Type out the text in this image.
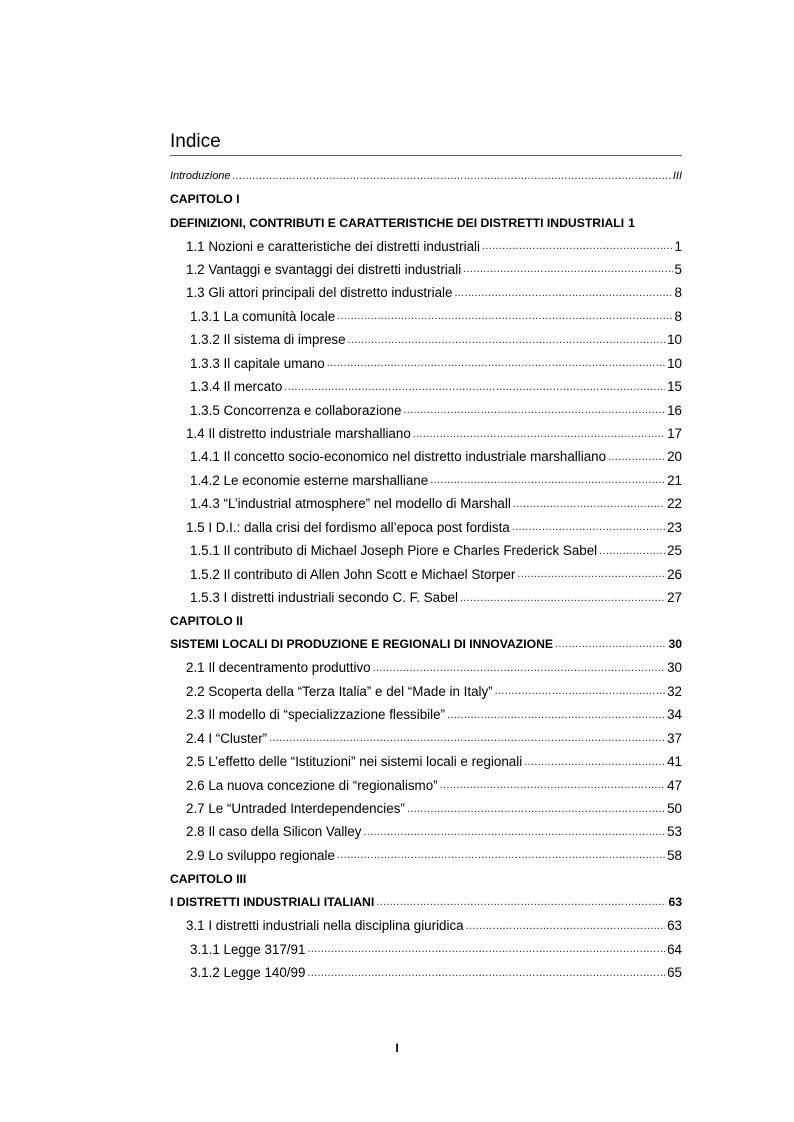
Indice
Introduzione .....	III
CAPITOLO I
DEFINIZIONI, CONTRIBUTI E CARATTERISTICHE DEI DISTRETTI INDUSTRIALI 1
1.1 Nozioni e caratteristiche dei distretti industriali .....	1
1.2 Vantaggi e svantaggi dei distretti industriali .....	5
1.3 Gli attori principali del distretto industriale .....	8
1.3.1 La comunità locale .....	8
1.3.2 Il sistema di imprese .....	10
1.3.3 Il capitale umano .....	10
1.3.4 Il mercato .....	15
1.3.5 Concorrenza e collaborazione .....	16
1.4 Il distretto industriale marshalliano .....	17
1.4.1 Il concetto socio-economico nel distretto industriale marshalliano .....	20
1.4.2 Le economie esterne marshalliane .....	21
1.4.3 “L’industrial atmosphere” nel modello di Marshall .....	22
1.5 I D.I.: dalla crisi del fordismo all’epoca post fordista .....	23
1.5.1 Il contributo di Michael Joseph Piore e Charles Frederick Sabel .....	25
1.5.2 Il contributo di Allen John Scott e Michael Storper .....	26
1.5.3 I distretti industriali secondo C. F. Sabel .....	27
CAPITOLO II
SISTEMI LOCALI DI PRODUZIONE E REGIONALI DI INNOVAZIONE .....	30
2.1 Il decentramento produttivo .....	30
2.2 Scoperta della “Terza Italia” e del “Made in Italy” .....	32
2.3 Il modello di “specializzazione flessibile” .....	34
2.4 I “Cluster” .....	37
2.5 L’effetto delle “Istituzioni” nei sistemi locali e regionali .....	41
2.6 La nuova concezione di “regionalismo” .....	47
2.7 Le “Untraded Interdependencies” .....	50
2.8 Il caso della Silicon Valley .....	53
2.9 Lo sviluppo regionale .....	58
CAPITOLO III
I DISTRETTI INDUSTRIALI ITALIANI .....	63
3.1 I distretti industriali nella disciplina giuridica .....	63
3.1.1 Legge 317/91 .....	64
3.1.2 Legge 140/99 .....	65
I
